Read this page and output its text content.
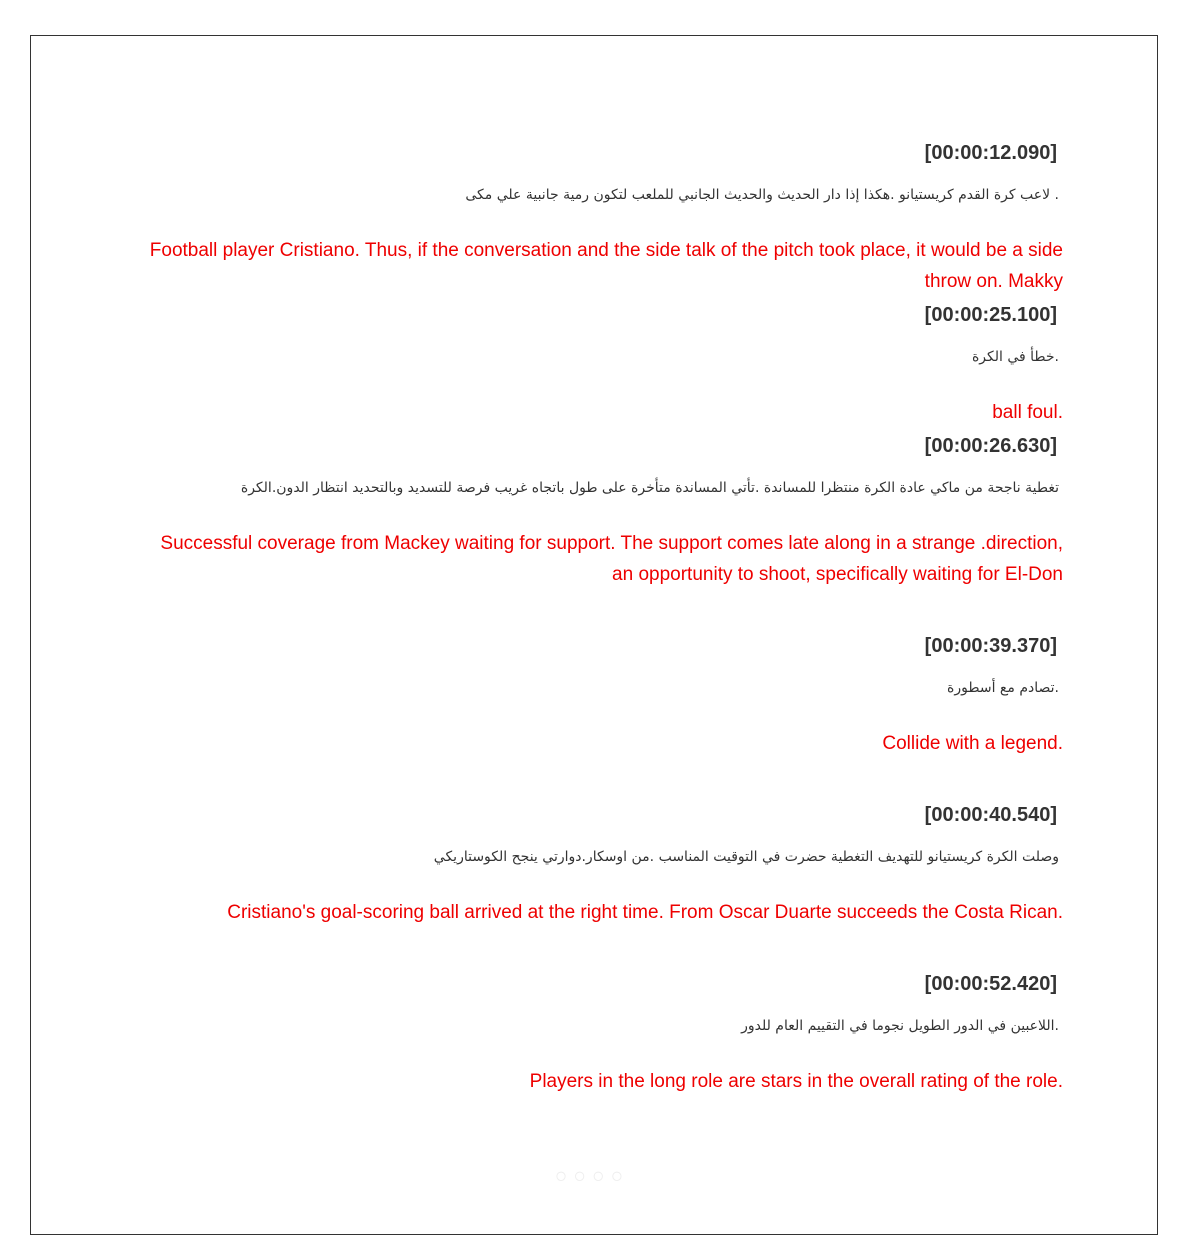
[00:00:12.090]
. لاعب كرة القدم كريستيانو .هكذا إذا دار الحديث والحديث الجانبي للملعب لتكون رمية جانبية علي مكى
Football player Cristiano. Thus, if the conversation and the side talk of the pitch took place, it would be a side throw on. Makky
[00:00:25.100]
.خطأ في الكرة
.ball foul
[00:00:26.630]
تغطية ناجحة من ماكي عادة الكرة منتظرا للمساندة .تأتي المساندة متأخرة على طول باتجاه غريب فرصة للتسديد وبالتحديد انتظار الدون.الكرة
Successful coverage from Mackey waiting for support. The support comes late along in a strange .direction, an opportunity to shoot, specifically waiting for El-Don
[00:00:39.370]
.تصادم مع أسطورة
.Collide with a legend
[00:00:40.540]
وصلت الكرة كريستيانو للتهديف التغطية حضرت في التوقيت المناسب .من اوسكار.دوارتي ينجح الكوستاريكي
.Cristiano's goal-scoring ball arrived at the right time. From Oscar Duarte succeeds the Costa Rican
[00:00:52.420]
.اللاعبين في الدور الطويل نجوما في التقييم العام للدور
.Players in the long role are stars in the overall rating of the role
◦◦◦◦
